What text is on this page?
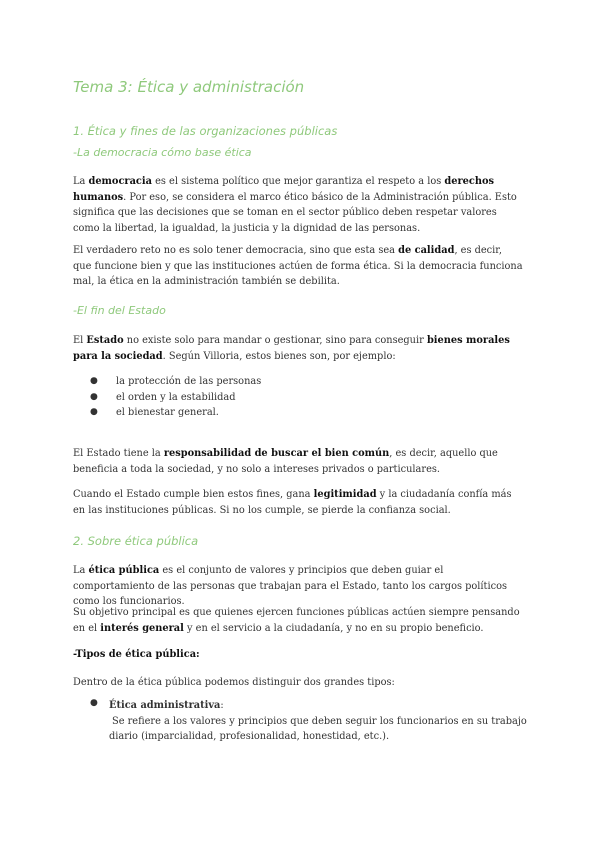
Tema 3: Ética y administración
1. Ética y fines de las organizaciones públicas
-La democracia cómo base ética
La democracia es el sistema político que mejor garantiza el respeto a los derechos humanos. Por eso, se considera el marco ético básico de la Administración pública. Esto significa que las decisiones que se toman en el sector público deben respetar valores como la libertad, la igualdad, la justicia y la dignidad de las personas.
El verdadero reto no es solo tener democracia, sino que esta sea de calidad, es decir, que funcione bien y que las instituciones actúen de forma ética. Si la democracia funciona mal, la ética en la administración también se debilita.
-El fin del Estado
El Estado no existe solo para mandar o gestionar, sino para conseguir bienes morales para la sociedad. Según Villoria, estos bienes son, por ejemplo:
● la protección de las personas
● el orden y la estabilidad
● el bienestar general.
El Estado tiene la responsabilidad de buscar el bien común, es decir, aquello que beneficia a toda la sociedad, y no solo a intereses privados o particulares.
Cuando el Estado cumple bien estos fines, gana legitimidad y la ciudadanía confía más en las instituciones públicas. Si no los cumple, se pierde la confianza social.
2. Sobre ética pública
La ética pública es el conjunto de valores y principios que deben guiar el comportamiento de las personas que trabajan para el Estado, tanto los cargos políticos como los funcionarios.
Su objetivo principal es que quienes ejercen funciones públicas actúen siempre pensando en el interés general y en el servicio a la ciudadanía, y no en su propio beneficio.
-Tipos de ética pública:
Dentro de la ética pública podemos distinguir dos grandes tipos:
● Ética administrativa:
Se refiere a los valores y principios que deben seguir los funcionarios en su trabajo diario (imparcialidad, profesionalidad, honestidad, etc.).
